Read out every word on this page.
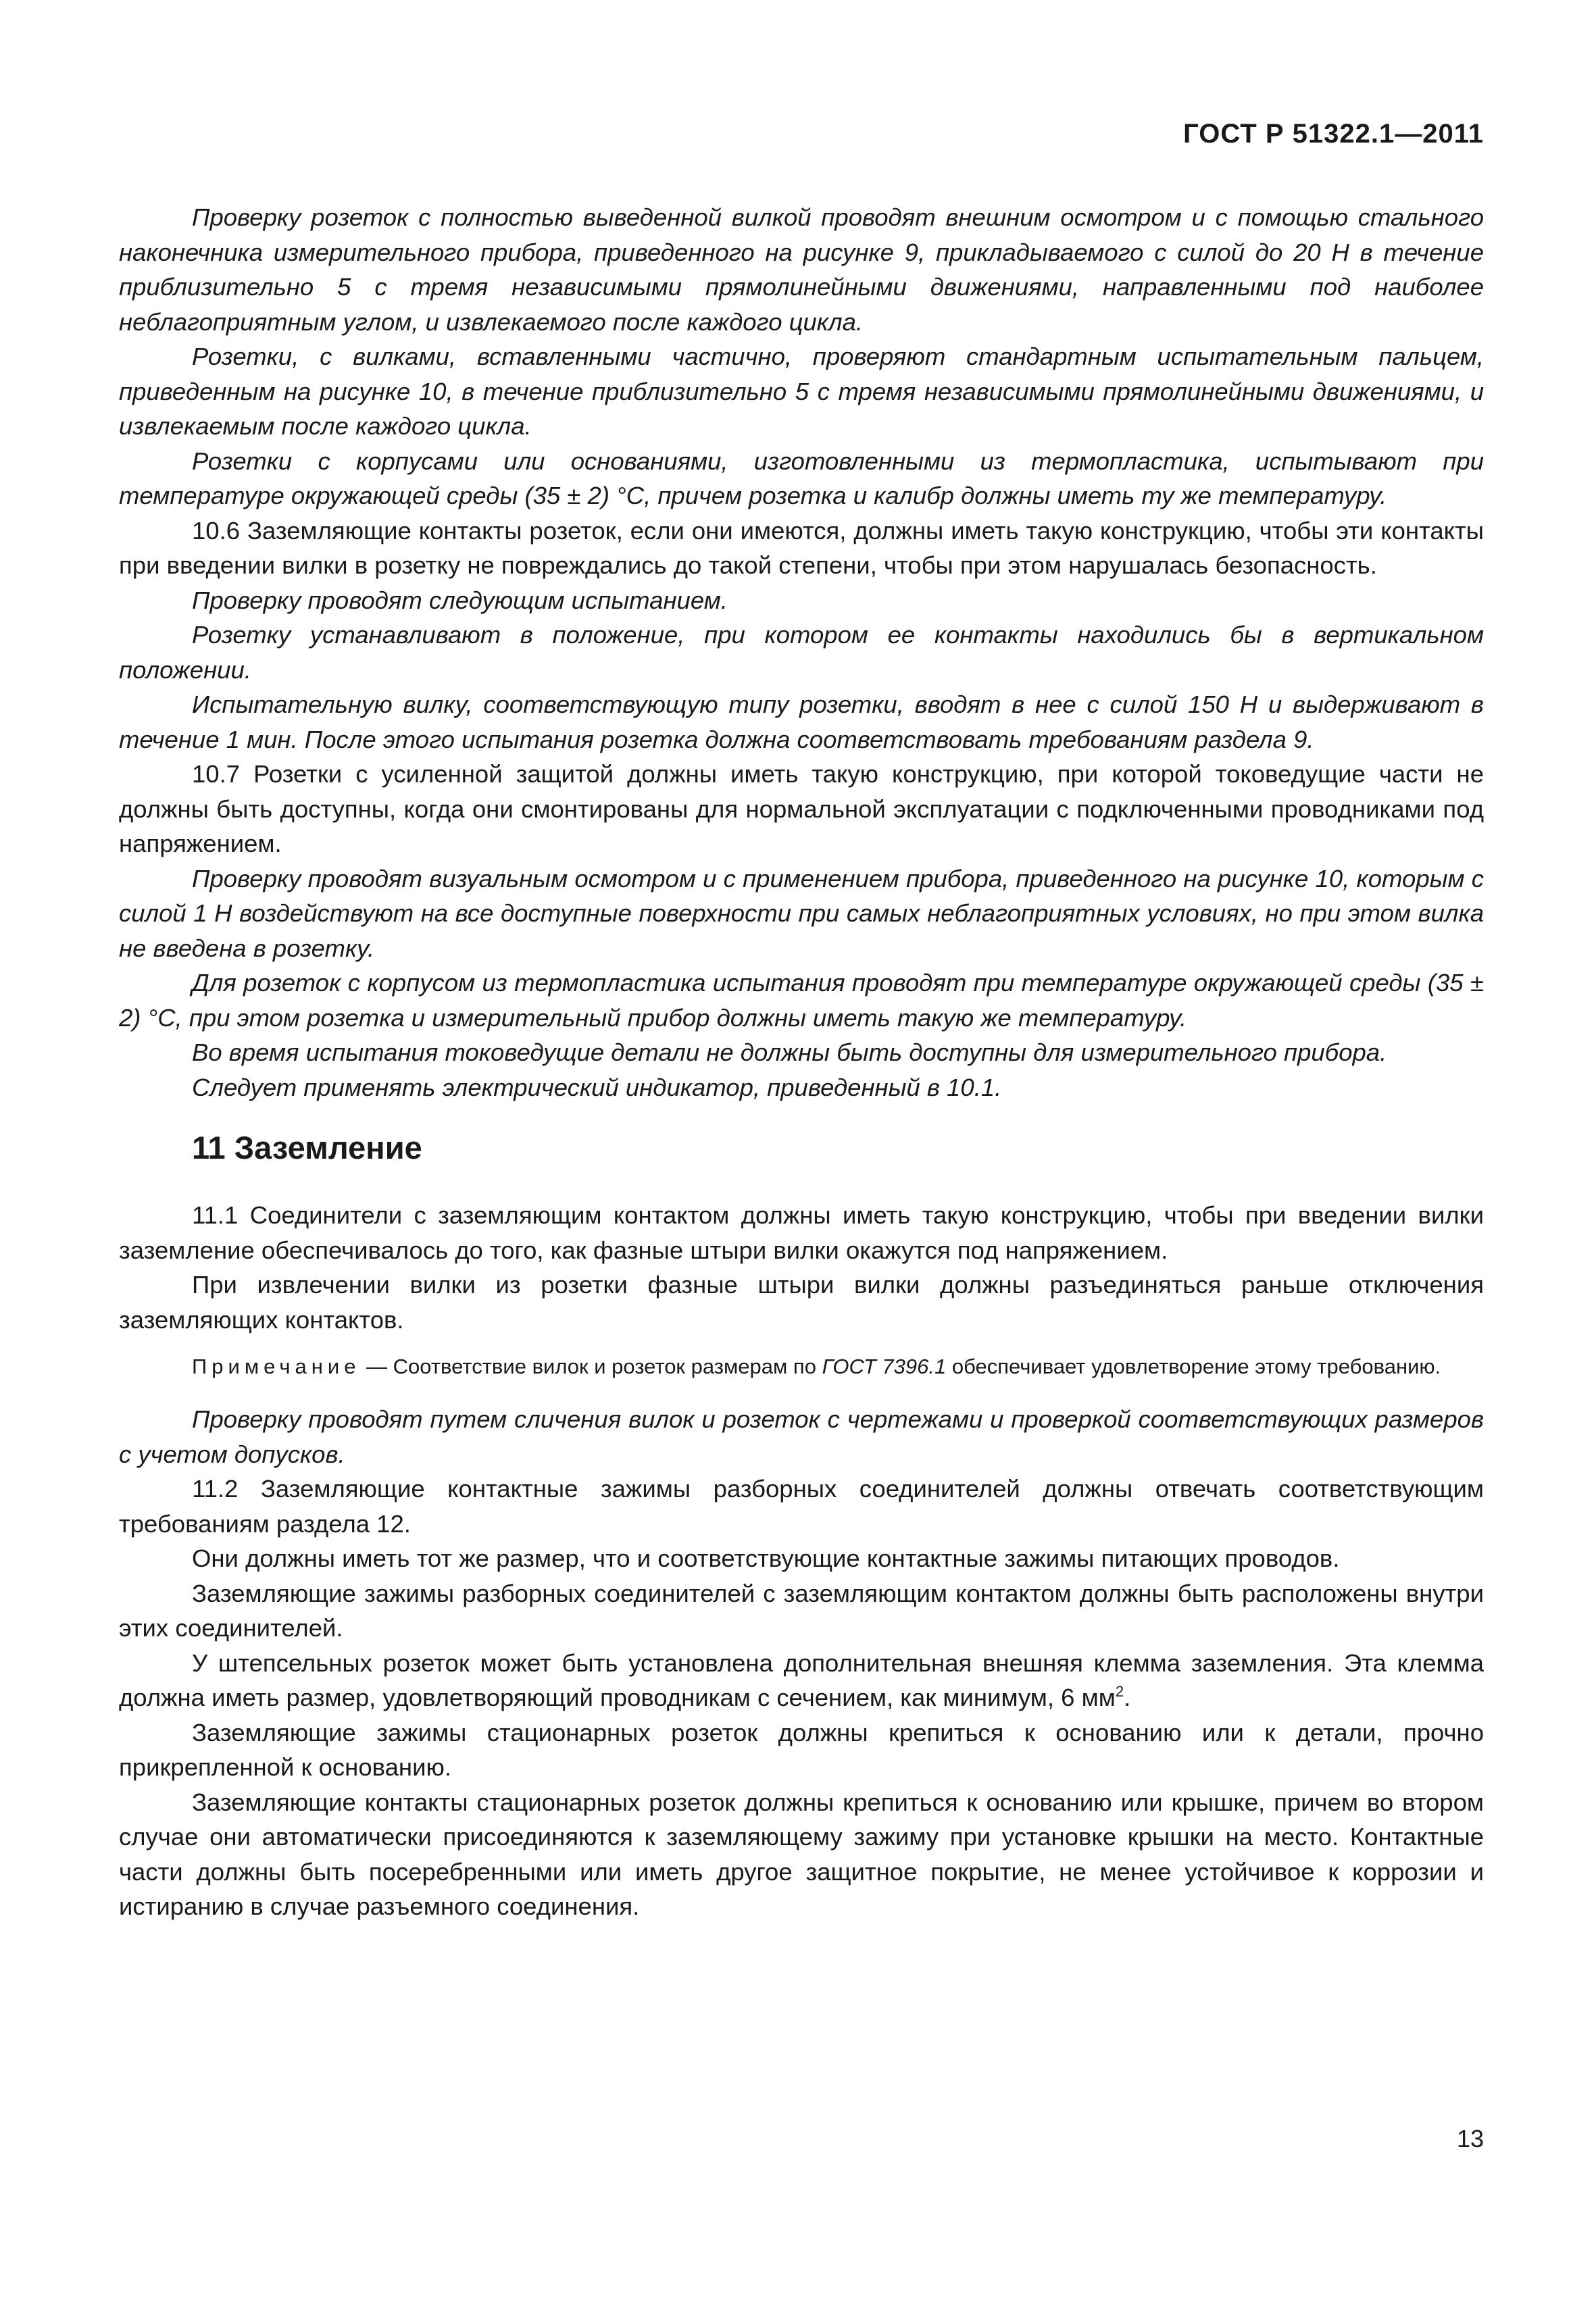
ГОСТ Р 51322.1—2011

Проверку розеток с полностью выведенной вилкой проводят внешним осмотром и с помощью стального наконечника измерительного прибора, приведенного на рисунке 9, прикладываемого с силой до 20 Н в течение приблизительно 5 с тремя независимыми прямолинейными движениями, направленными под наиболее неблагоприятным углом, и извлекаемого после каждого цикла.

Розетки, с вилками, вставленными частично, проверяют стандартным испытательным пальцем, приведенным на рисунке 10, в течение приблизительно 5 с тремя независимыми прямолинейными движениями, и извлекаемым после каждого цикла.

Розетки с корпусами или основаниями, изготовленными из термопластика, испытывают при температуре окружающей среды (35 ± 2) °С, причем розетка и калибр должны иметь ту же температуру.

10.6 Заземляющие контакты розеток, если они имеются, должны иметь такую конструкцию, чтобы эти контакты при введении вилки в розетку не повреждались до такой степени, чтобы при этом нарушалась безопасность.

Проверку проводят следующим испытанием.

Розетку устанавливают в положение, при котором ее контакты находились бы в вертикальном положении.

Испытательную вилку, соответствующую типу розетки, вводят в нее с силой 150 Н и выдерживают в течение 1 мин. После этого испытания розетка должна соответствовать требованиям раздела 9.

10.7 Розетки с усиленной защитой должны иметь такую конструкцию, при которой токоведущие части не должны быть доступны, когда они смонтированы для нормальной эксплуатации с подключенными проводниками под напряжением.

Проверку проводят визуальным осмотром и с применением прибора, приведенного на рисунке 10, которым с силой 1 Н воздействуют на все доступные поверхности при самых неблагоприятных условиях, но при этом вилка не введена в розетку.

Для розеток с корпусом из термопластика испытания проводят при температуре окружающей среды (35 ± 2) °С, при этом розетка и измерительный прибор должны иметь такую же температуру.

Во время испытания токоведущие детали не должны быть доступны для измерительного прибора.

Следует применять электрический индикатор, приведенный в 10.1.

11 Заземление

11.1 Соединители с заземляющим контактом должны иметь такую конструкцию, чтобы при введении вилки заземление обеспечивалось до того, как фазные штыри вилки окажутся под напряжением.

При извлечении вилки из розетки фазные штыри вилки должны разъединяться раньше отключения заземляющих контактов.

Примечание — Соответствие вилок и розеток размерам по ГОСТ 7396.1 обеспечивает удовлетворение этому требованию.

Проверку проводят путем сличения вилок и розеток с чертежами и проверкой соответствующих размеров с учетом допусков.

11.2 Заземляющие контактные зажимы разборных соединителей должны отвечать соответствующим требованиям раздела 12.

Они должны иметь тот же размер, что и соответствующие контактные зажимы питающих проводов.

Заземляющие зажимы разборных соединителей с заземляющим контактом должны быть расположены внутри этих соединителей.

У штепсельных розеток может быть установлена дополнительная внешняя клемма заземления. Эта клемма должна иметь размер, удовлетворяющий проводникам с сечением, как минимум, 6 $мм^2$.

Заземляющие зажимы стационарных розеток должны крепиться к основанию или к детали, прочно прикрепленной к основанию.

Заземляющие контакты стационарных розеток должны крепиться к основанию или крышке, причем во втором случае они автоматически присоединяются к заземляющему зажиму при установке крышки на место. Контактные части должны быть посеребренными или иметь другое защитное покрытие, не менее устойчивое к коррозии и истиранию в случае разъемного соединения.

13
